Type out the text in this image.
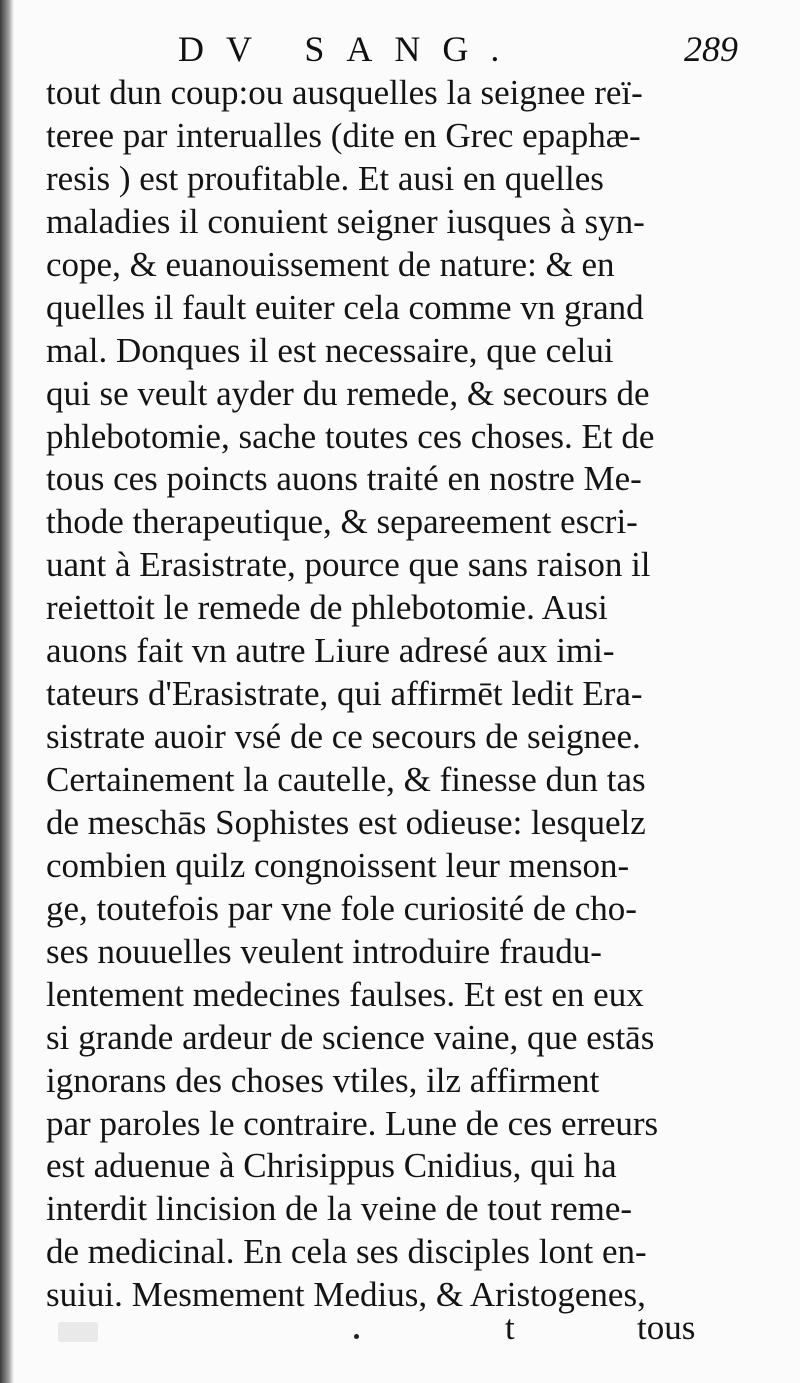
DV SANG.	289
tout dun coup:ou ausquelles la seignee reï-
teree par interualles (dite en Grec epaphæ-
resis ) est proufitable. Et ausi en quelles
maladies il conuient seigner iusques à syn-
cope, & euanouissement de nature: & en
quelles il fault euiter cela comme vn grand
mal. Donques il est necessaire, que celui
qui se veult ayder du remede, & secours de
phlebotomie, sache toutes ces choses. Et de
tous ces poincts auons traité en nostre Me-
thode therapeutique, & separeement escri-
uant à Erasistrate, pource que sans raison il
reiettoit le remede de phlebotomie. Ausi
auons fait vn autre Liure adresé aux imi-
tateurs d'Erasistrate, qui affirmēt ledit Era-
sistrate auoir vsé de ce secours de seignee.
Certainement la cautelle, & finesse dun tas
de meschās Sophistes est odieuse: lesquelz
combien quilz congnoissent leur menson-
ge, toutefois par vne fole curiosité de cho-
ses nouuelles veulent introduire fraudu-
lentement medecines faulses. Et est en eux
si grande ardeur de science vaine, que estās
ignorans des choses vtiles, ilz affirment
par paroles le contraire. Lune de ces erreurs
est aduenue à Chrisippus Cnidius, qui ha
interdit lincision de la veine de tout reme-
de medicinal. En cela ses disciples lont en-
suiui. Mesmement Medius, & Aristogenes,
t	tous
